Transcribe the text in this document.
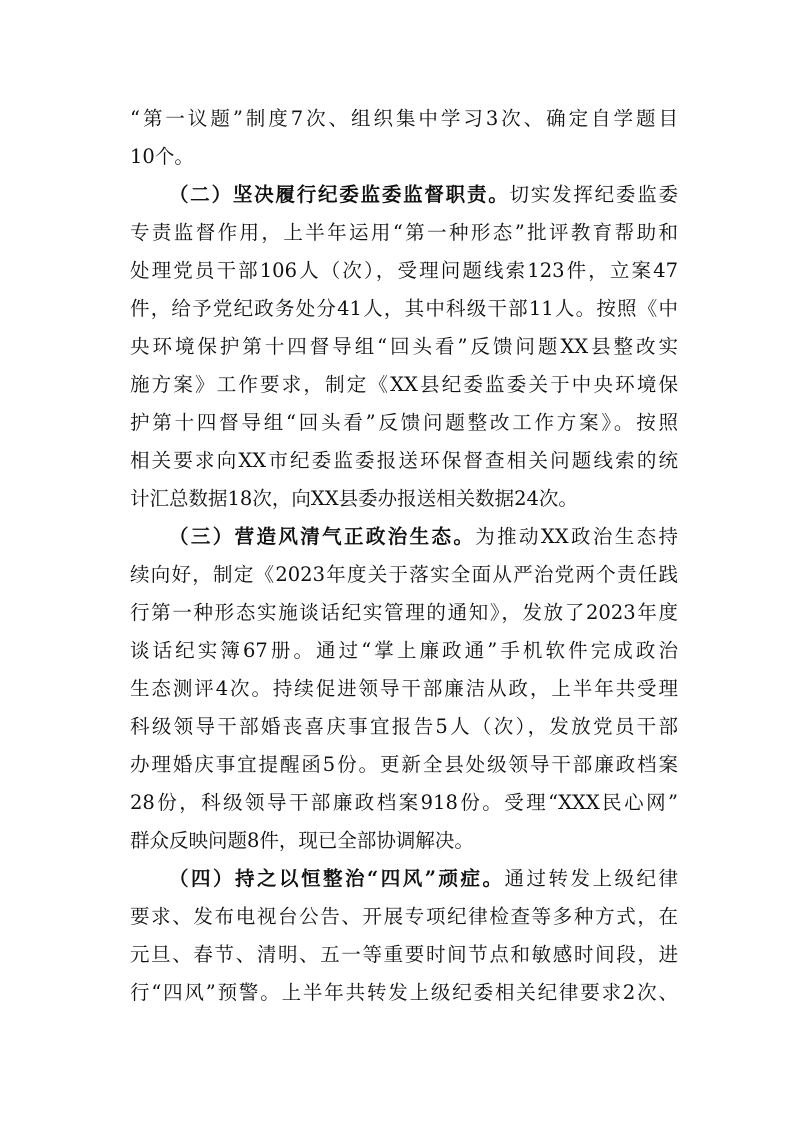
“第一议题”制度7次、组织集中学习3次、确定自学题目
10个。
（二）坚决履行纪委监委监督职责。切实发挥纪委监委
专责监督作用，上半年运用“第一种形态”批评教育帮助和
处理党员干部106人（次），受理问题线索123件，立案47
件，给予党纪政务处分41人，其中科级干部11人。按照《中
央环境保护第十四督导组“回头看”反馈问题XX县整改实
施方案》工作要求，制定《XX县纪委监委关于中央环境保
护第十四督导组“回头看”反馈问题整改工作方案》。按照
相关要求向XX市纪委监委报送环保督查相关问题线索的统
计汇总数据18次，向XX县委办报送相关数据24次。
（三）营造风清气正政治生态。为推动XX政治生态持
续向好，制定《2023年度关于落实全面从严治党两个责任践
行第一种形态实施谈话纪实管理的通知》，发放了2023年度
谈话纪实簿67册。通过“掌上廉政通”手机软件完成政治
生态测评4次。持续促进领导干部廉洁从政，上半年共受理
科级领导干部婚丧喜庆事宜报告5人（次），发放党员干部
办理婚庆事宜提醒函5份。更新全县处级领导干部廉政档案
28份，科级领导干部廉政档案918份。受理“XXX民心网”
群众反映问题8件，现已全部协调解决。
（四）持之以恒整治“四风”顽症。通过转发上级纪律
要求、发布电视台公告、开展专项纪律检查等多种方式，在
元旦、春节、清明、五一等重要时间节点和敏感时间段，进
行“四风”预警。上半年共转发上级纪委相关纪律要求2次、
